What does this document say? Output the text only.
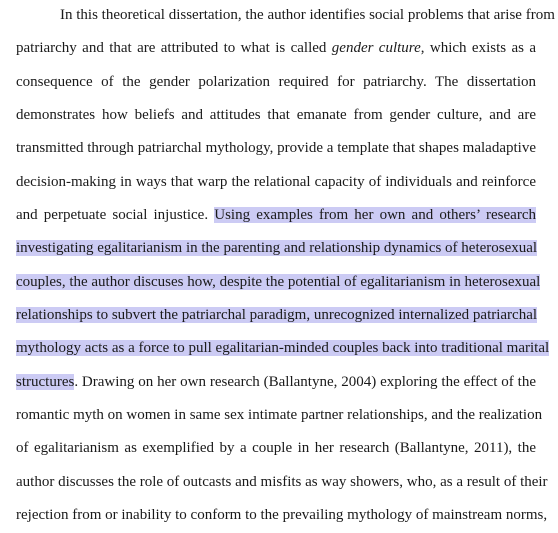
In this theoretical dissertation, the author identifies social problems that arise from
patriarchy and that are attributed to what is called gender culture, which exists as a
consequence of the gender polarization required for patriarchy. The dissertation
demonstrates how beliefs and attitudes that emanate from gender culture, and are
transmitted through patriarchal mythology, provide a template that shapes maladaptive
decision-making in ways that warp the relational capacity of individuals and reinforce
and perpetuate social injustice. Using examples from her own and others’ research
investigating egalitarianism in the parenting and relationship dynamics of heterosexual
couples, the author discuses how, despite the potential of egalitarianism in heterosexual
relationships to subvert the patriarchal paradigm, unrecognized internalized patriarchal
mythology acts as a force to pull egalitarian-minded couples back into traditional marital
structures. Drawing on her own research (Ballantyne, 2004) exploring the effect of the
romantic myth on women in same sex intimate partner relationships, and the realization
of egalitarianism as exemplified by a couple in her research (Ballantyne, 2011), the
author discusses the role of outcasts and misfits as way showers, who, as a result of their
rejection from or inability to conform to the prevailing mythology of mainstream norms,
